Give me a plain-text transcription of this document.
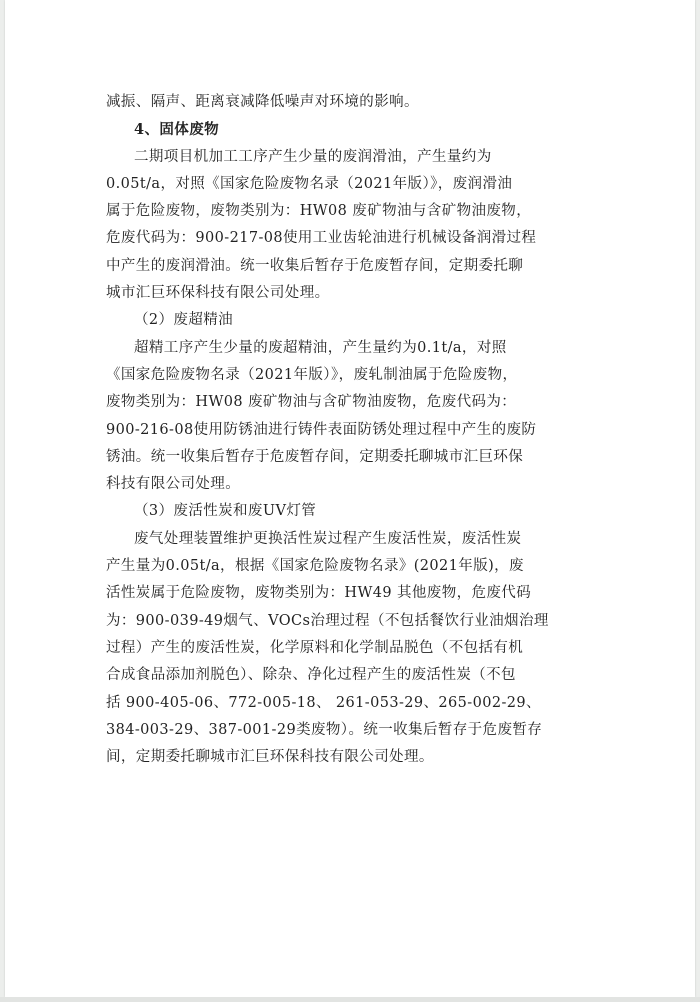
减振、隔声、距离衰减降低噪声对环境的影响。
4、固体废物
二期项目机加工工序产生少量的废润滑油，产生量约为
0.05t/a，对照《国家危险废物名录（2021年版）》，废润滑油
属于危险废物，废物类别为：HW08 废矿物油与含矿物油废物，
危废代码为：900-217-08使用工业齿轮油进行机械设备润滑过程
中产生的废润滑油。统一收集后暂存于危废暂存间，定期委托聊
城市汇巨环保科技有限公司处理。
（2）废超精油
超精工序产生少量的废超精油，产生量约为0.1t/a，对照
《国家危险废物名录（2021年版）》，废轧制油属于危险废物，
废物类别为：HW08 废矿物油与含矿物油废物，危废代码为：
900-216-08使用防锈油进行铸件表面防锈处理过程中产生的废防
锈油。统一收集后暂存于危废暂存间，定期委托聊城市汇巨环保
科技有限公司处理。
（3）废活性炭和废UV灯管
废气处理装置维护更换活性炭过程产生废活性炭，废活性炭
产生量为0.05t/a，根据《国家危险废物名录》(2021年版)，废
活性炭属于危险废物，废物类别为：HW49 其他废物，危废代码
为：900-039-49烟气、VOCs治理过程（不包括餐饮行业油烟治理
过程）产生的废活性炭，化学原料和化学制品脱色（不包括有机
合成食品添加剂脱色）、除杂、净化过程产生的废活性炭（不包
括 900-405-06、772-005-18、 261-053-29、265-002-29、
384-003-29、387-001-29类废物）。统一收集后暂存于危废暂存
间，定期委托聊城市汇巨环保科技有限公司处理。
